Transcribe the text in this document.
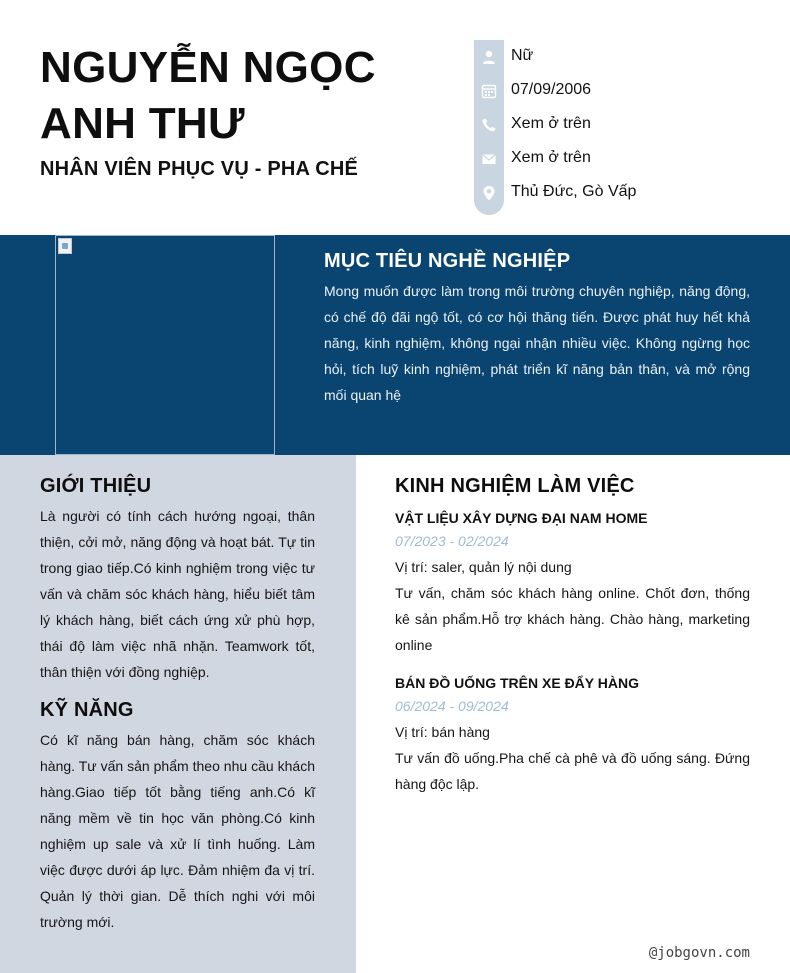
NGUYỄN NGỌC ANH THƯ
NHÂN VIÊN PHỤC VỤ - PHA CHẾ
Nữ
07/09/2006
Xem ở trên
Xem ở trên
Thủ Đức, Gò Vấp
MỤC TIÊU NGHỀ NGHIỆP
Mong muốn được làm trong môi trường chuyên nghiệp, năng động, có chế độ đãi ngộ tốt, có cơ hội thăng tiến. Được phát huy hết khả năng, kinh nghiệm, không ngại nhận nhiều việc. Không ngừng học hỏi, tích luỹ kinh nghiệm, phát triển kĩ năng bản thân, và mở rộng mối quan hệ
GIỚI THIỆU
Là người có tính cách hướng ngoại, thân thiện, cởi mở, năng động và hoạt bát. Tự tin trong giao tiếp.Có kinh nghiệm trong việc tư vấn và chăm sóc khách hàng, hiểu biết tâm lý khách hàng, biết cách ứng xử phù hợp, thái độ làm việc nhã nhặn. Teamwork tốt, thân thiện với đồng nghiệp.
KỸ NĂNG
Có kĩ năng bán hàng, chăm sóc khách hàng. Tư vấn sản phẩm theo nhu cầu khách hàng.Giao tiếp tốt bằng tiếng anh.Có kĩ năng mềm về tin học văn phòng.Có kinh nghiệm up sale và xử lí tình huống. Làm việc được dưới áp lực. Đảm nhiệm đa vị trí. Quản lý thời gian. Dễ thích nghi với môi trường mới.
KINH NGHIỆM LÀM VIỆC
VẬT LIỆU XÂY DỰNG ĐẠI NAM HOME
07/2023 - 02/2024
Vị trí: saler, quản lý nội dung
Tư vấn, chăm sóc khách hàng online. Chốt đơn, thống kê sản phẩm.Hỗ trợ khách hàng. Chào hàng, marketing online
BÁN ĐỒ UỐNG TRÊN XE ĐẨY HÀNG
06/2024 - 09/2024
Vị trí: bán hàng
Tư vấn đồ uống.Pha chế cà phê và đồ uống sáng. Đứng hàng độc lập.
@jobgovn.com
